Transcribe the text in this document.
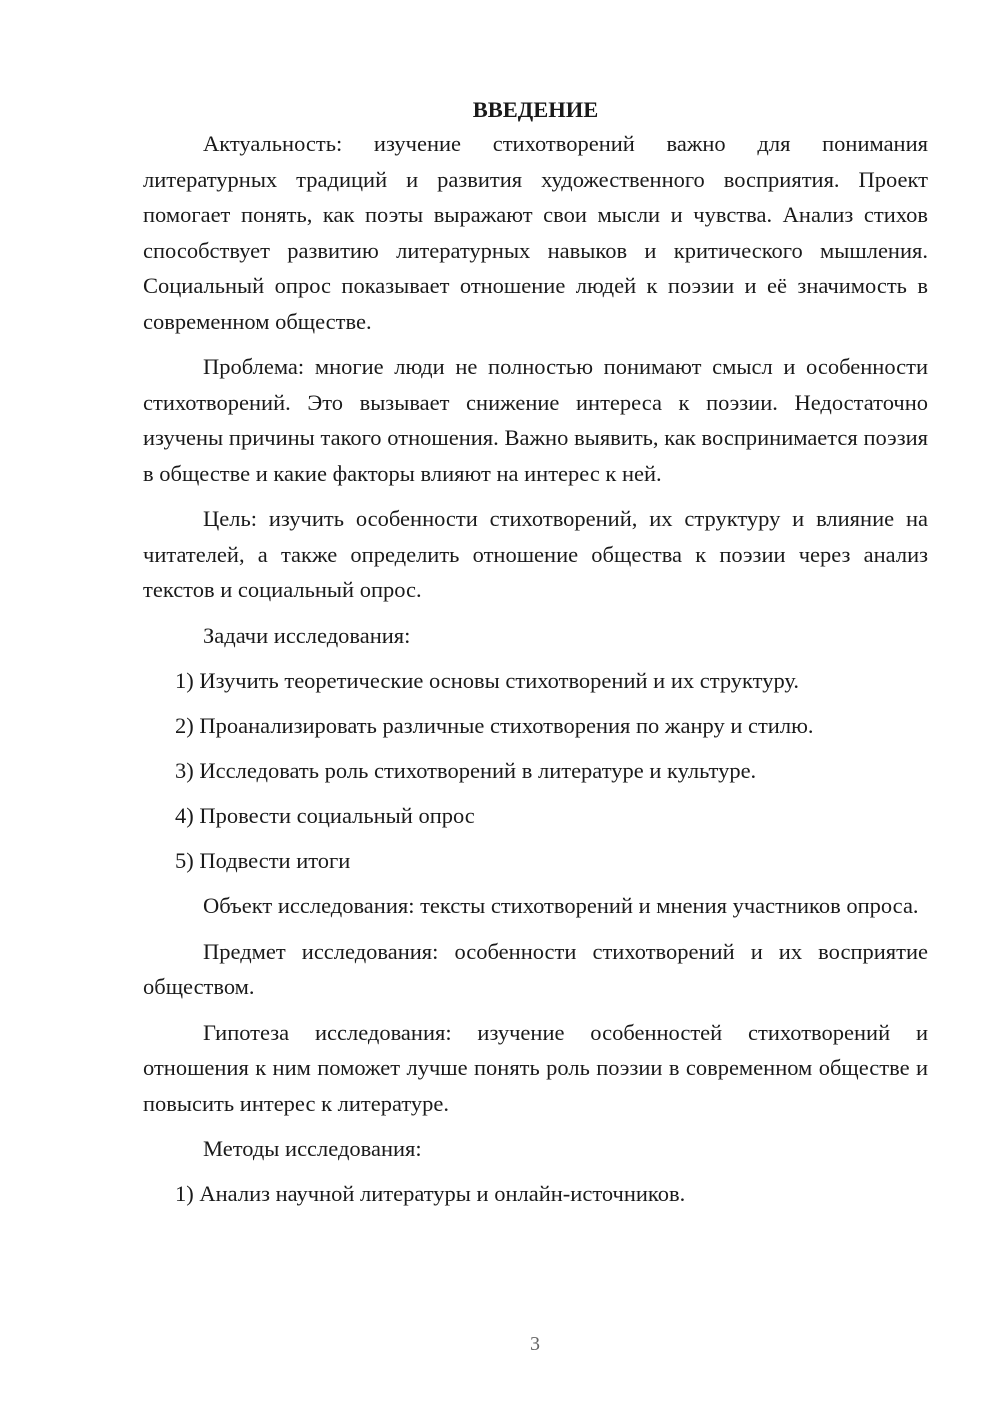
ВВЕДЕНИЕ

Актуальность: изучение стихотворений важно для понимания литературных традиций и развития художественного восприятия. Проект помогает понять, как поэты выражают свои мысли и чувства. Анализ стихов способствует развитию литературных навыков и критического мышления. Социальный опрос показывает отношение людей к поэзии и её значимость в современном обществе.

Проблема: многие люди не полностью понимают смысл и особенности стихотворений. Это вызывает снижение интереса к поэзии. Недостаточно изучены причины такого отношения. Важно выявить, как воспринимается поэзия в обществе и какие факторы влияют на интерес к ней.

Цель: изучить особенности стихотворений, их структуру и влияние на читателей, а также определить отношение общества к поэзии через анализ текстов и социальный опрос.

Задачи исследования:

1) Изучить теоретические основы стихотворений и их структуру.

2) Проанализировать различные стихотворения по жанру и стилю.

3) Исследовать роль стихотворений в литературе и культуре.

4) Провести социальный опрос

5) Подвести итоги

Объект исследования: тексты стихотворений и мнения участников опроса.

Предмет исследования: особенности стихотворений и их восприятие обществом.

Гипотеза исследования: изучение особенностей стихотворений и отношения к ним поможет лучше понять роль поэзии в современном обществе и повысить интерес к литературе.

Методы исследования:

1) Анализ научной литературы и онлайн-источников.

3
